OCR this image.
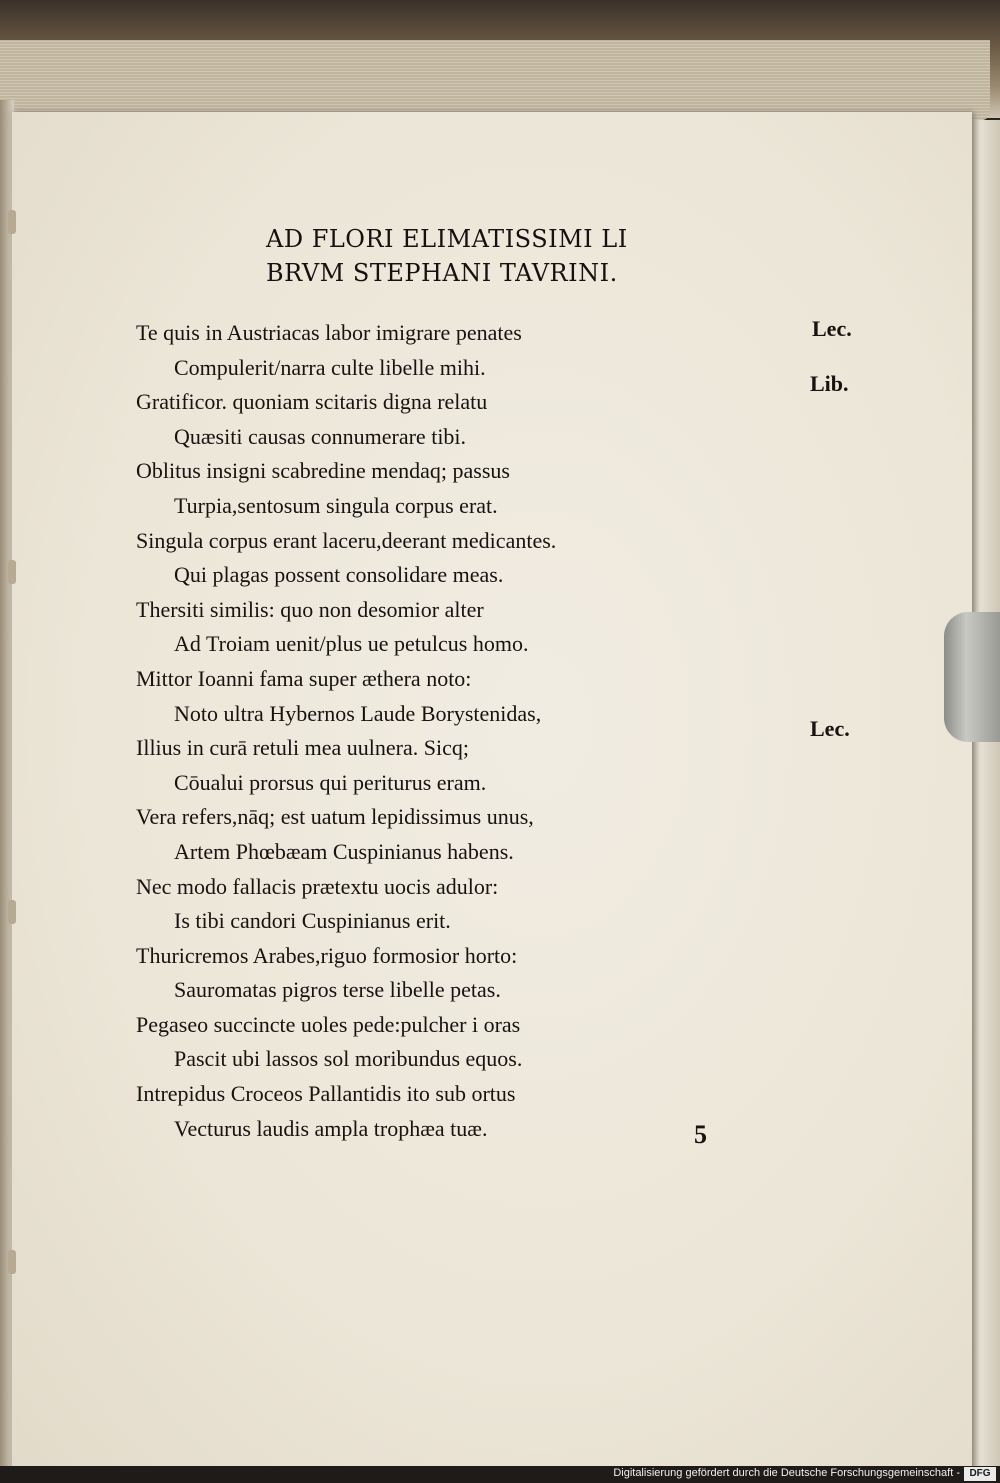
AD FLORI ELIMATISSIMI LI
BRVM STEPHANI TAVRINI.
Te quis in Austriacas labor imigrare penates
Compulerit/narra culte libelle mihi.
Gratificor. quoniam scitaris digna relatu
Quæsiti causas connumerare tibi.
Oblitus insigni scabredine mendaq; passus
Turpia,sentosum singula corpus erat.
Singula corpus erant laceru,deerant medicantes.
Qui plagas possent consolidare meas.
Thersiti similis: quo non desomior alter
Ad Troiam uenit/plus ue petulcus homo.
Mittor Ioanni fama super æthera noto:
Noto ultra Hybernos Laude Borystenidas,
Illius in curā retuli mea uulnera. Sicq;
Cōualui prorsus qui periturus eram.
Vera refers,nāq; est uatum lepidissimus unus,
Artem Phœbæam Cuspinianus habens.
Nec modo fallacis prætextu uocis adulor:
Is tibi candori Cuspinianus erit.
Thuricremos Arabes,riguo formosior horto:
Sauromatas pigros terse libelle petas.
Pegaseo succincte uoles pede:pulcher i oras
Pascit ubi lassos sol moribundus equos.
Intrepidus Croceos Pallantidis ito sub ortus
Vecturus laudis ampla trophæa tuæ.
Lec.
Lib.
Lec.
5
Digitalisierung gefördert durch die Deutsche Forschungsgemeinschaft - DFG
